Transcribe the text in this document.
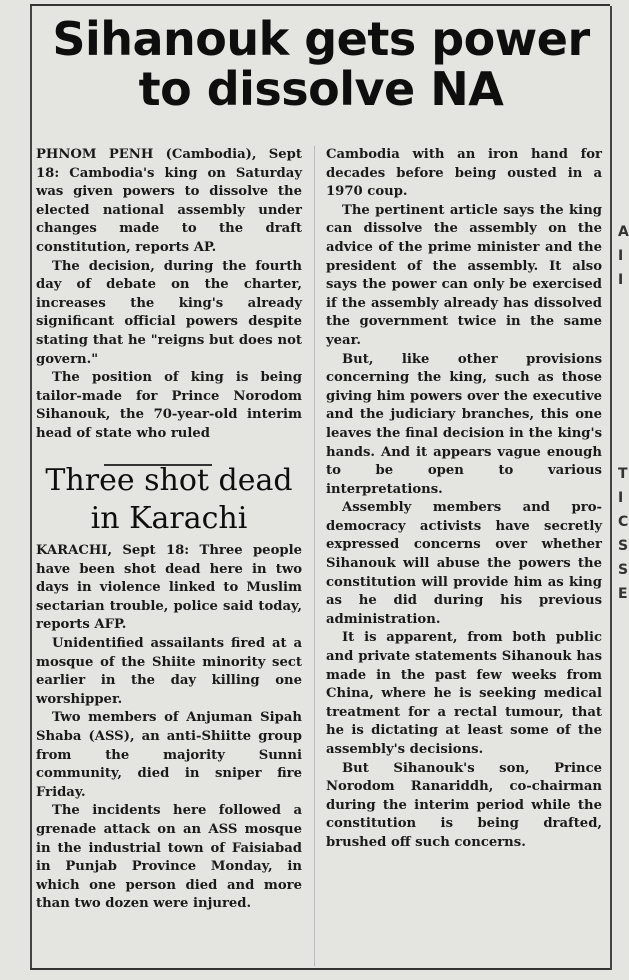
A
I
I
T
I
C
S
S
E
Sihanouk gets power
to dissolve NA

PHNOM PENH (Cambodia), Sept 18: Cambodia's king on Saturday was given powers to dissolve the elected national assembly under changes made to the draft constitution, reports AP.

The decision, during the fourth day of debate on the charter, increases the king's already significant official powers despite stating that he "reigns but does not govern."

The position of king is being tailor-made for Prince Norodom Sihanouk, the 70-year-old interim head of state who ruled

Three shot dead
in Karachi

KARACHI, Sept 18: Three people have been shot dead here in two days in violence linked to Muslim sectarian trouble, police said today, reports AFP.

Unidentified assailants fired at a mosque of the Shiite minority sect earlier in the day killing one worshipper.

Two members of Anjuman Sipah Shaba (ASS), an anti-Shiitte group from the majority Sunni community, died in sniper fire Friday.

The incidents here followed a grenade attack on an ASS mosque in the industrial town of Faisiabad in Punjab Province Monday, in which one person died and more than two dozen were injured.

Cambodia with an iron hand for decades before being ousted in a 1970 coup.

The pertinent article says the king can dissolve the assembly on the advice of the prime minister and the president of the assembly. It also says the power can only be exercised if the assembly already has dissolved the government twice in the same year.

But, like other provisions concerning the king, such as those giving him powers over the executive and the judiciary branches, this one leaves the final decision in the king's hands. And it appears vague enough to be open to various interpretations.

Assembly members and pro-democracy activists have secretly expressed concerns over whether Sihanouk will abuse the powers the constitution will provide him as king as he did during his previous administration.

It is apparent, from both public and private statements Sihanouk has made in the past few weeks from China, where he is seeking medical treatment for a rectal tumour, that he is dictating at least some of the assembly's decisions.

But Sihanouk's son, Prince Norodom Ranariddh, co-chairman during the interim period while the constitution is being drafted, brushed off such concerns.
